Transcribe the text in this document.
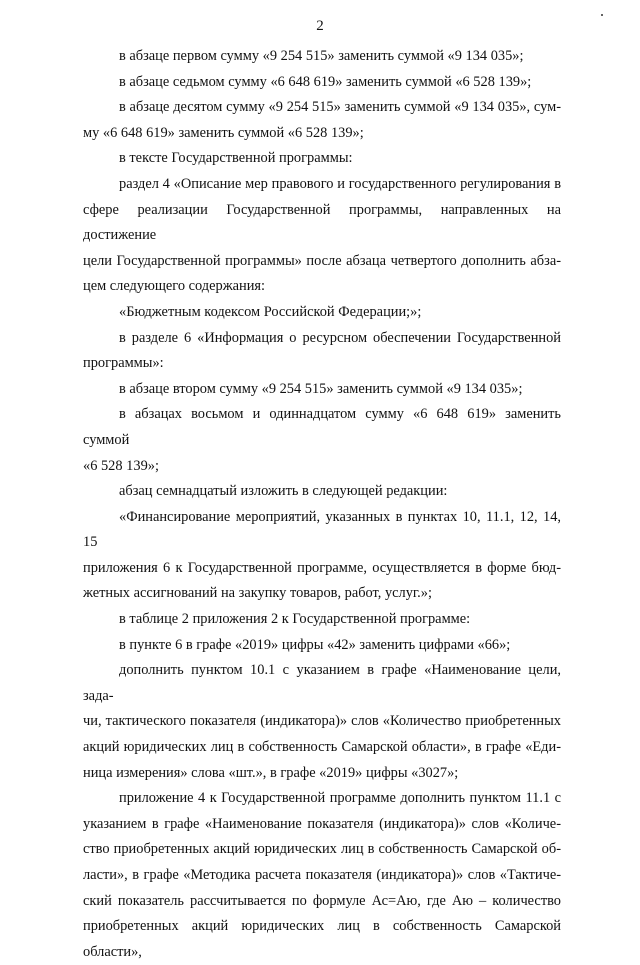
2

в абзаце первом сумму «9 254 515» заменить суммой «9 134 035»;

в абзаце седьмом сумму «6 648 619» заменить суммой «6 528 139»;

в абзаце десятом сумму «9 254 515» заменить суммой «9 134 035», сум-

му «6 648 619» заменить суммой «6 528 139»;

в тексте Государственной программы:

раздел 4 «Описание мер правового и государственного регулирования в

сфере реализации Государственной программы, направленных на достижение

цели Государственной программы» после абзаца четвертого дополнить абза-

цем следующего содержания:

«Бюджетным кодексом Российской Федерации;»;

в разделе 6 «Информация о ресурсном обеспечении Государственной

программы»:

в абзаце втором сумму «9 254 515» заменить суммой «9 134 035»;

в абзацах восьмом и одиннадцатом сумму «6 648 619» заменить суммой

«6 528 139»;

абзац семнадцатый изложить в следующей редакции:

«Финансирование мероприятий, указанных в пунктах 10, 11.1, 12, 14, 15

приложения 6 к Государственной программе, осуществляется в форме бюд-

жетных ассигнований на закупку товаров, работ, услуг.»;

в таблице 2 приложения 2 к Государственной программе:

в пункте 6 в графе «2019» цифры «42» заменить цифрами «66»;

дополнить пунктом 10.1 с указанием в графе «Наименование цели, зада-

чи, тактического показателя (индикатора)» слов «Количество приобретенных

акций юридических лиц в собственность Самарской области», в графе «Еди-

ница измерения» слова «шт.», в графе «2019» цифры «3027»;

приложение 4 к Государственной программе дополнить пунктом 11.1 с

указанием в графе «Наименование показателя (индикатора)» слов «Количе-

ство приобретенных акций юридических лиц в собственность Самарской об-

ласти», в графе «Методика расчета показателя (индикатора)» слов «Тактиче-

ский показатель рассчитывается по формуле Ас=Аю, где Аю – количество

приобретенных акций юридических лиц в собственность Самарской области»,
